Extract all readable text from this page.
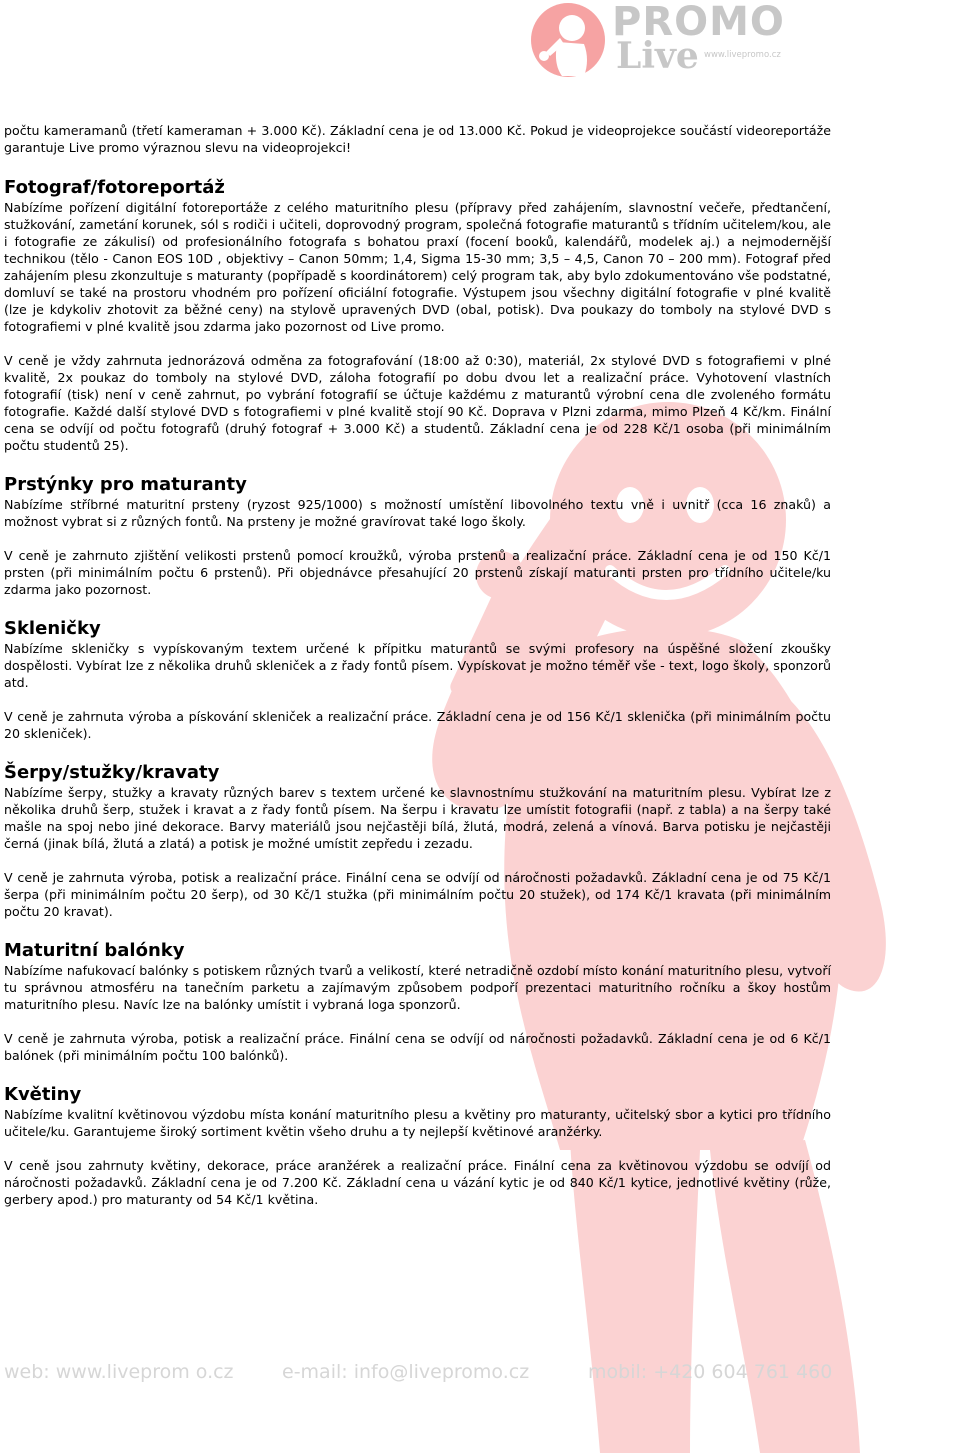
PROMO
Live www.livepromo.cz

počtu kameramanů (třetí kameraman + 3.000 Kč). Základní cena je od 13.000 Kč. Pokud je videoprojekce součástí videoreportáže garantuje Live promo výraznou slevu na videoprojekci!

Fotograf/fotoreportáž

Nabízíme pořízení digitální fotoreportáže z celého maturitního plesu (přípravy před zahájením, slavnostní večeře, předtančení, stužkování, zametání korunek, sól s rodiči i učiteli, doprovodný program, společná fotografie maturantů s třídním učitelem/kou, ale i fotografie ze zákulisí) od profesionálního fotografa s bohatou praxí (focení booků, kalendářů, modelek aj.) a nejmodernější technikou (tělo - Canon EOS 10D , objektivy – Canon 50mm; 1,4, Sigma 15-30 mm; 3,5 – 4,5, Canon 70 – 200 mm). Fotograf před zahájením plesu zkonzultuje s maturanty (popřípadě s koordinátorem) celý program tak, aby bylo zdokumentováno vše podstatné, domluví se také na prostoru vhodném pro pořízení oficiální fotografie. Výstupem jsou všechny digitální fotografie v plné kvalitě (lze je kdykoliv zhotovit za běžné ceny) na stylově upravených DVD (obal, potisk). Dva poukazy do tomboly na stylové DVD s fotografiemi v plné kvalitě jsou zdarma jako pozornost od Live promo.

V ceně je vždy zahrnuta jednorázová odměna za fotografování (18:00 až 0:30), materiál, 2x stylové DVD s fotografiemi v plné kvalitě, 2x poukaz do tomboly na stylové DVD, záloha fotografií po dobu dvou let a realizační práce. Vyhotovení vlastních fotografií (tisk) není v ceně zahrnut, po vybrání fotografií se účtuje každému z maturantů výrobní cena dle zvoleného formátu fotografie. Každé další stylové DVD s fotografiemi v plné kvalitě stojí 90 Kč. Doprava v Plzni zdarma, mimo Plzeň 4 Kč/km. Finální cena se odvíjí od počtu fotografů (druhý fotograf + 3.000 Kč) a studentů. Základní cena je od 228 Kč/1 osoba (při minimálním počtu studentů 25).

Prstýnky pro maturanty

Nabízíme stříbrné maturitní prsteny (ryzost 925/1000) s možností umístění libovolného textu vně i uvnitř (cca 16 znaků) a možnost vybrat si z různých fontů. Na prsteny je možné gravírovat také logo školy.

V ceně je zahrnuto zjištění velikosti prstenů pomocí kroužků, výroba prstenů a realizační práce. Základní cena je od 150 Kč/1 prsten (při minimálním počtu 6 prstenů). Při objednávce přesahující 20 prstenů získají maturanti prsten pro třídního učitele/ku zdarma jako pozornost.

Skleničky

Nabízíme skleničky s vypískovaným textem určené k přípitku maturantů se svými profesory na úspěšné složení zkoušky dospělosti. Vybírat lze z několika druhů skleniček a z řady fontů písem. Vypískovat je možno téměř vše - text, logo školy, sponzorů atd.

V ceně je zahrnuta výroba a pískování skleniček a realizační práce. Základní cena je od 156 Kč/1 sklenička (při minimálním počtu 20 skleniček).

Šerpy/stužky/kravaty

Nabízíme šerpy, stužky a kravaty různých barev s textem určené ke slavnostnímu stužkování na maturitním plesu. Vybírat lze z několika druhů šerp, stužek i kravat a z řady fontů písem. Na šerpu i kravatu lze umístit fotografii (např. z tabla) a na šerpy také mašle na spoj nebo jiné dekorace. Barvy materiálů jsou nejčastěji bílá, žlutá, modrá, zelená a vínová. Barva potisku je nejčastěji černá (jinak bílá, žlutá a zlatá) a potisk je možné umístit zepředu i zezadu.

V ceně je zahrnuta výroba, potisk a realizační práce. Finální cena se odvíjí od náročnosti požadavků. Základní cena je od 75 Kč/1 šerpa (při minimálním počtu 20 šerp), od 30 Kč/1 stužka (při minimálním počtu 20 stužek), od 174 Kč/1 kravata (při minimálním počtu 20 kravat).

Maturitní balónky

Nabízíme nafukovací balónky s potiskem různých tvarů a velikostí, které netradičně ozdobí místo konání maturitního plesu, vytvoří tu správnou atmosféru na tanečním parketu a zajímavým způsobem podpoří prezentaci maturitního ročníku a škoy hostům maturitního plesu. Navíc lze na balónky umístit i vybraná loga sponzorů.

V ceně je zahrnuta výroba, potisk a realizační práce. Finální cena se odvíjí od náročnosti požadavků. Základní cena je od 6 Kč/1 balónek (při minimálním počtu 100 balónků).

Květiny

Nabízíme kvalitní květinovou výzdobu místa konání maturitního plesu a květiny pro maturanty, učitelský sbor a kytici pro třídního učitele/ku. Garantujeme široký sortiment květin všeho druhu a ty nejlepší květinové aranžérky.

V ceně jsou zahrnuty květiny, dekorace, práce aranžérek a realizační práce. Finální cena za květinovou výzdobu se odvíjí od náročnosti požadavků. Základní cena je od 7.200 Kč. Základní cena u vázání kytic je od 840 Kč/1 kytice, jednotlivé květiny (růže, gerbery apod.) pro maturanty od 54 Kč/1 květina.

web: www.liveprom o.cz	e-mail: info@livepromo.cz	mobil: +420 604 761 460
